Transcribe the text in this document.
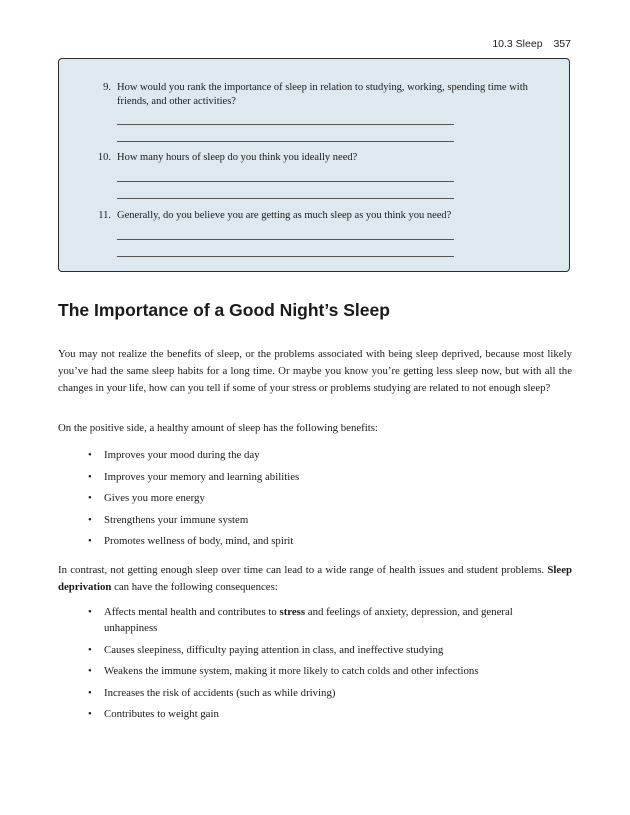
10.3 Sleep 357
9. How would you rank the importance of sleep in relation to studying, working, spending time with friends, and other activities?
10. How many hours of sleep do you think you ideally need?
11. Generally, do you believe you are getting as much sleep as you think you need?
The Importance of a Good Night’s Sleep

You may not realize the benefits of sleep, or the problems associated with being sleep deprived, because most likely you’ve had the same sleep habits for a long time. Or maybe you know you’re getting less sleep now, but with all the changes in your life, how can you tell if some of your stress or problems studying are related to not enough sleep?

On the positive side, a healthy amount of sleep has the following benefits:

• Improves your mood during the day
• Improves your memory and learning abilities
• Gives you more energy
• Strengthens your immune system
• Promotes wellness of body, mind, and spirit

In contrast, not getting enough sleep over time can lead to a wide range of health issues and student problems. Sleep deprivation can have the following consequences:

• Affects mental health and contributes to stress and feelings of anxiety, depression, and general unhappiness
• Causes sleepiness, difficulty paying attention in class, and ineffective studying
• Weakens the immune system, making it more likely to catch colds and other infections
• Increases the risk of accidents (such as while driving)
• Contributes to weight gain
